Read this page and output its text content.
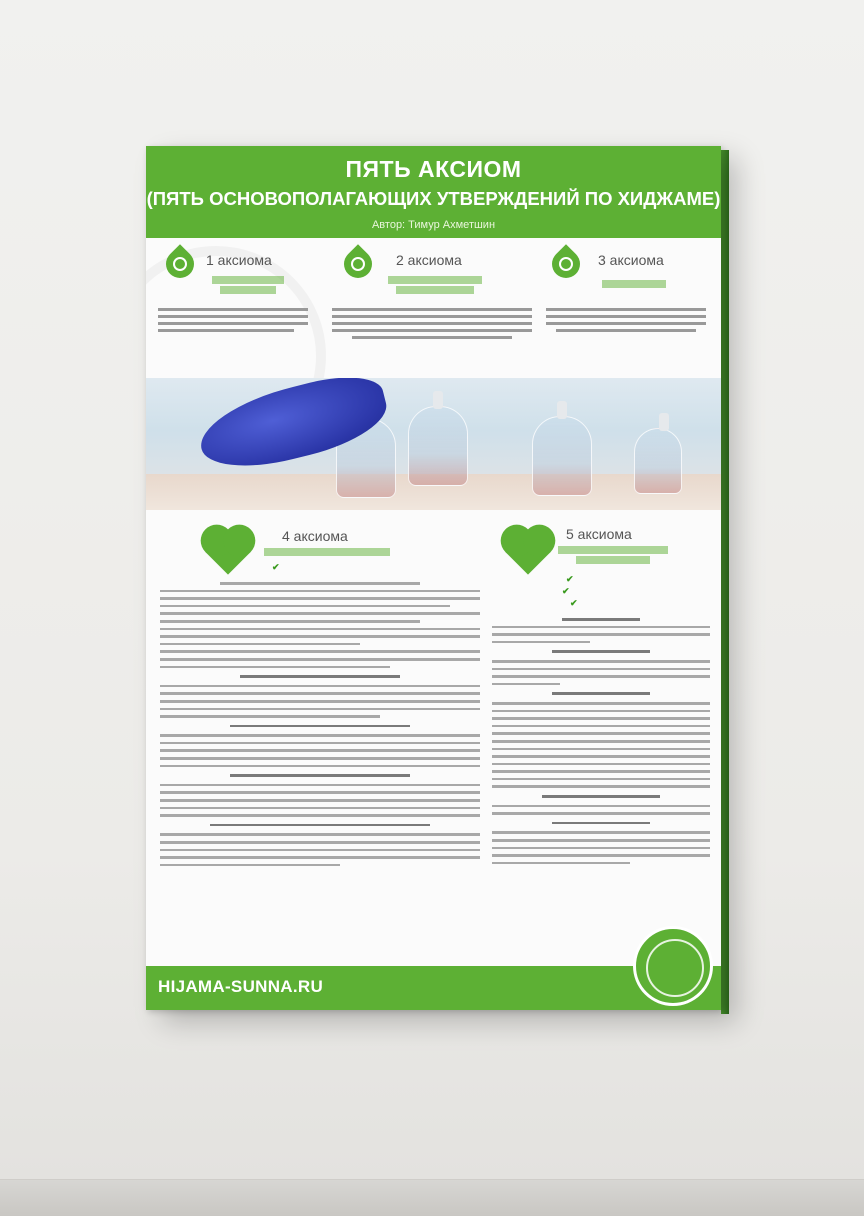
ПЯТЬ АКСИОМ
(ПЯТЬ ОСНОВОПОЛАГАЮЩИХ УТВЕРЖДЕНИЙ ПО ХИДЖАМЕ)
Автор: Тимур Ахметшин
1 аксиома	2 аксиома	3 аксиома
4 аксиома
✔
5 аксиома
✔
✔
✔
HIJAMA-SUNNA.RU
